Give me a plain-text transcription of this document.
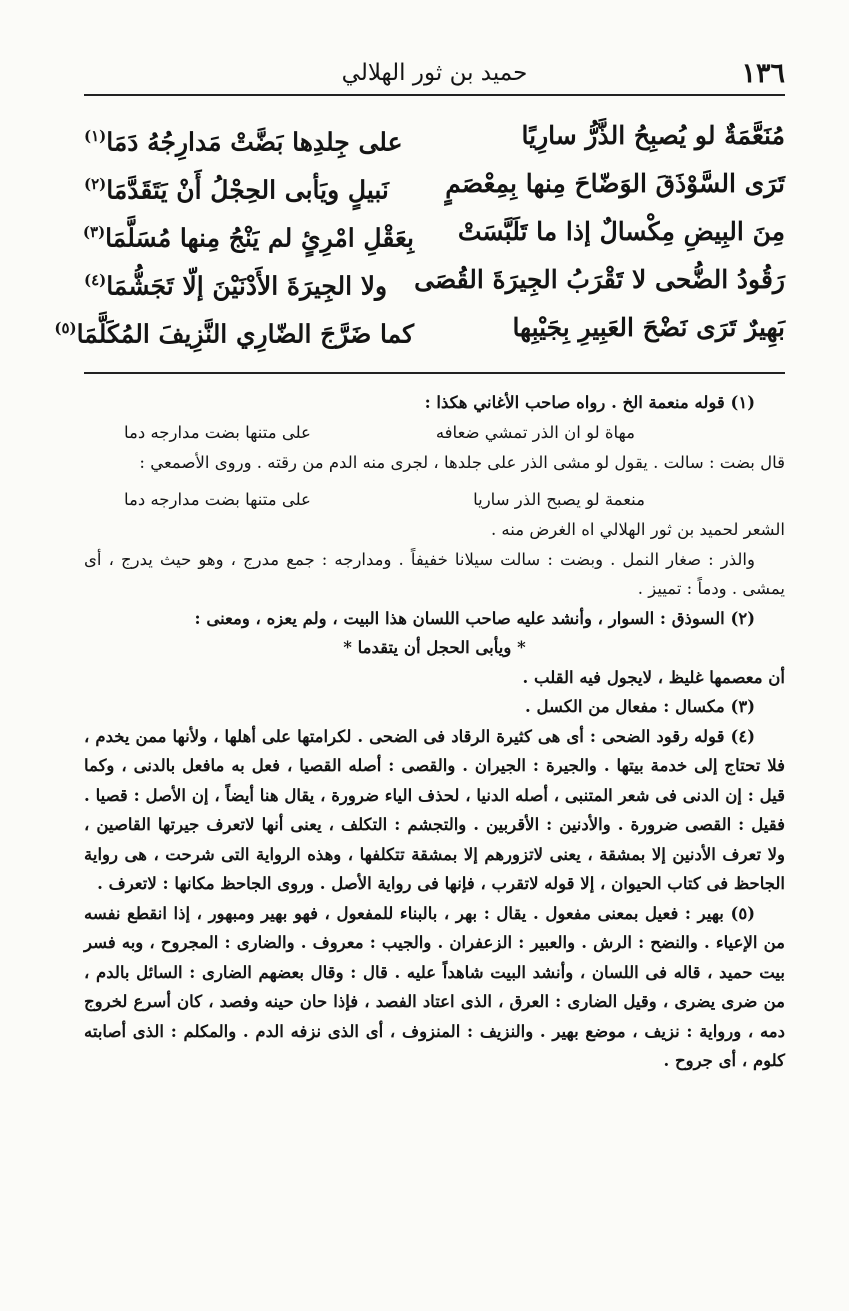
١٣٦
حميد بن ثور الهلالي
مُنَعَّمَةٌ لو يُصبِحُ الذَّرُّ سارِيًا
على جِلدِها بَضَّتْ مَدارِجُهُ دَمَا$^{(١)}$
تَرَى السَّوْذَقَ الوَضّاحَ مِنها بِمِعْصَمٍ
نَبيلٍ ويَأبى الحِجْلُ أَنْ يَتَقَدَّمَا$^{(٢)}$
مِنَ البِيضِ مِكْسالٌ إذا ما تَلَبَّسَتْ
بِعَقْلِ امْرِئٍ لم يَنْجُ مِنها مُسَلَّمَا$^{(٣)}$
رَقُودُ الضُّحى لا تَقْرَبُ الجِيرَةَ القُصَى
ولا الجِيرَةَ الأَدْنَيْنَ إلّا تَجَشُّمَا$^{(٤)}$
بَهِيرٌ تَرَى نَضْحَ العَبِيرِ بِجَيْبِها
كما ضَرَّجَ الضّارِي النَّزِيفَ المُكَلَّمَا$^{(٥)}$

(١) قوله منعمة الخ . رواه صاحب الأغاني هكذا :

مهاة لو ان الذر تمشي ضعافه
على متنها بضت مدارجه دما

قال بضت : سالت . يقول لو مشى الذر على جلدها ، لجرى منه الدم من رقته . وروى الأصمعي :

منعمة لو يصبح الذر ساريا
على متنها بضت مدارجه دما

الشعر لحميد بن ثور الهلالي اه الغرض منه .

والذر : صغار النمل . وبضت : سالت سيلانا خفيفاً . ومدارجه : جمع مدرج ، وهو حيث يدرج ، أى يمشى . ودماً : تمييز .

(٢) السوذق : السوار ، وأنشد عليه صاحب اللسان هذا البيت ، ولم يعزه ، ومعنى :

* ويأبى الحجل أن يتقدما *

أن معصمها غليظ ، لايجول فيه القلب .

(٣) مكسال : مفعال من الكسل .

(٤) قوله رقود الضحى : أى هى كثيرة الرقاد فى الضحى . لكرامتها على أهلها ، ولأنها ممن يخدم ، فلا تحتاج إلى خدمة بيتها . والجيرة : الجيران . والقصى : أصله القصيا ، فعل به مافعل بالدنى ، وكما قيل : إن الدنى فى شعر المتنبى ، أصله الدنيا ، لحذف الياء ضرورة ، يقال هنا أيضاً ، إن الأصل : قصيا . فقيل : القصى ضرورة . والأدنين : الأقربين . والتجشم : التكلف ، يعنى أنها لاتعرف جيرتها القاصين ، ولا تعرف الأدنين إلا بمشقة ، يعنى لاتزورهم إلا بمشقة تتكلفها ، وهذه الرواية التى شرحت ، هى رواية الجاحظ فى كتاب الحيوان ، إلا قوله لاتقرب ، فإنها فى رواية الأصل . وروى الجاحظ مكانها : لاتعرف .

(٥) بهير : فعيل بمعنى مفعول . يقال : بهر ، بالبناء للمفعول ، فهو بهير ومبهور ، إذا انقطع نفسه من الإعياء . والنضح : الرش . والعبير : الزعفران . والجيب : معروف . والضارى : المجروح ، وبه فسر بيت حميد ، قاله فى اللسان ، وأنشد البيت شاهداً عليه . قال : وقال بعضهم الضارى : السائل بالدم ، من ضرى يضرى ، وقيل الضارى : العرق ، الذى اعتاد الفصد ، فإذا حان حينه وفصد ، كان أسرع لخروج دمه ، ورواية : نزيف ، موضع بهير . والنزيف : المنزوف ، أى الذى نزفه الدم . والمكلم : الذى أصابته كلوم ، أى جروح .
